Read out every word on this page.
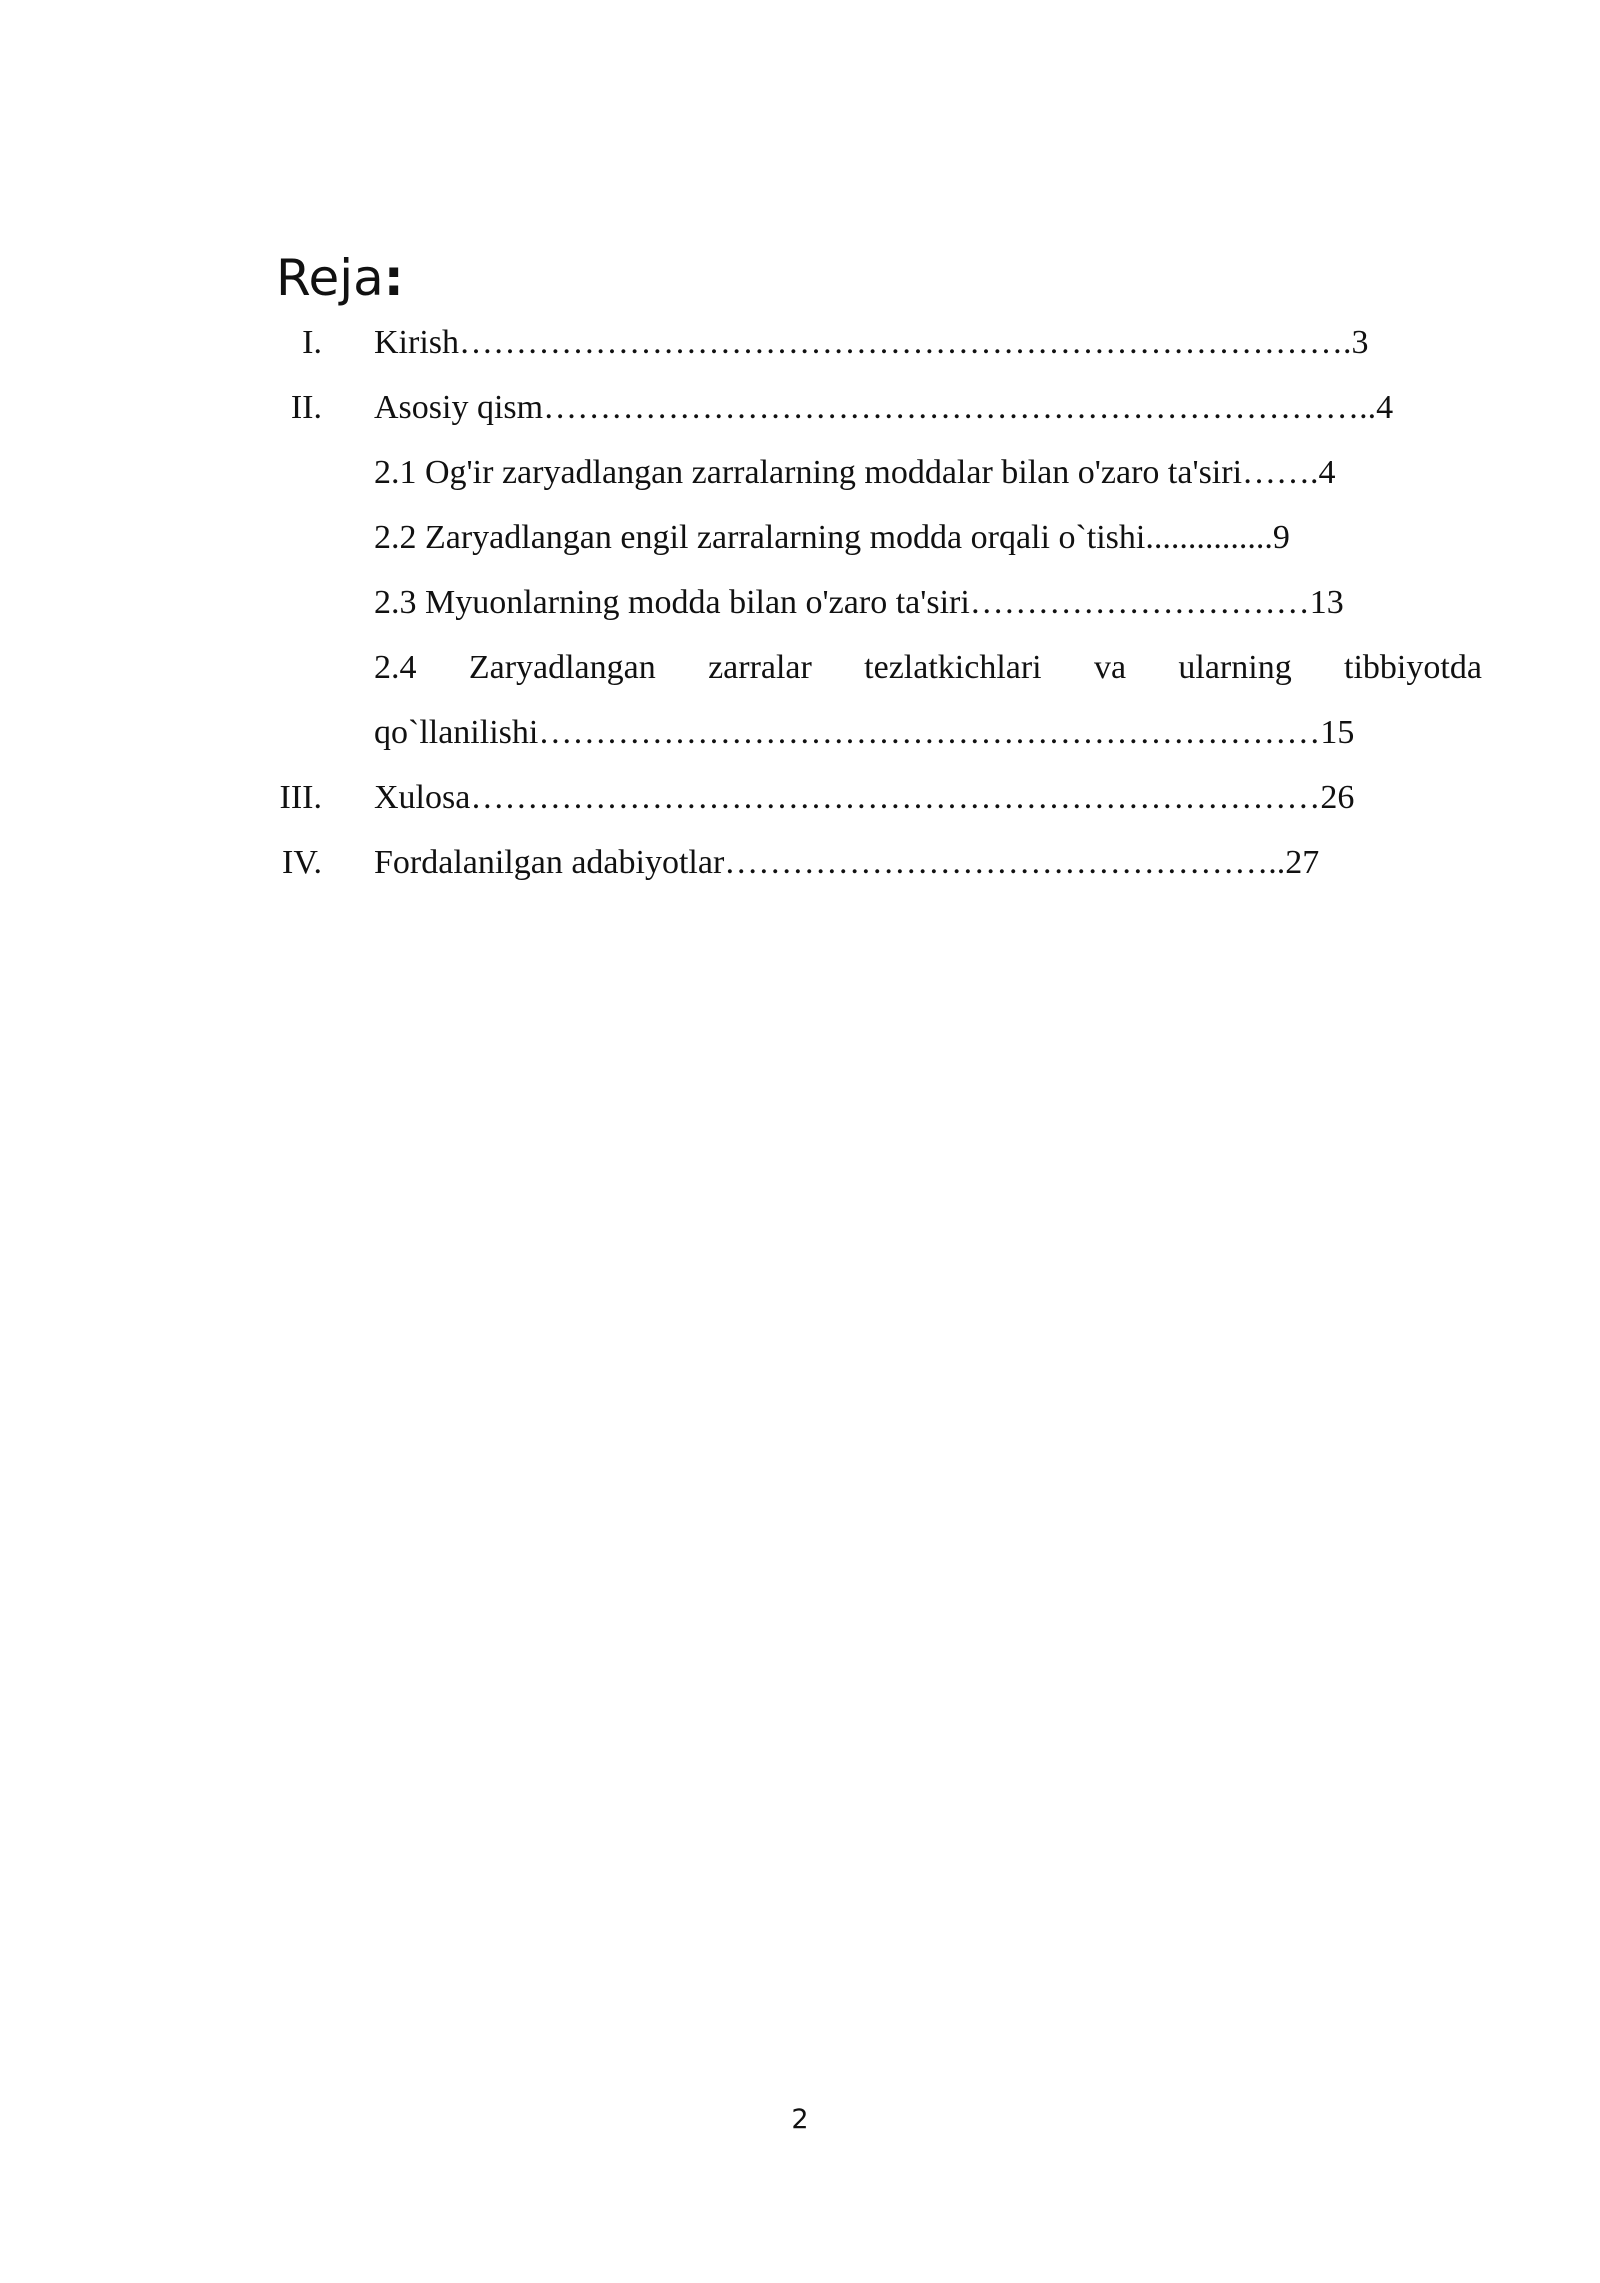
Reja:
I. Kirish…………………………………………………………………….3
II. Asosiy qism………………………………………………………………..4
2.1 Og'ir zaryadlangan zarralarning moddalar bilan o'zaro ta'siri…….4
2.2 Zaryadlangan engil zarralarning modda orqali o`tishi...............9
2.3 Myuonlarning modda bilan o'zaro ta'siri…………………………13
2.4 Zaryadlangan zarralar tezlatkichlari va ularning tibbiyotda
qo`llanilishi……………………………………………………………15
III. Xulosa…………………………………………………………………26
IV. Fordalanilgan adabiyotlar…………………………………………..27
2
